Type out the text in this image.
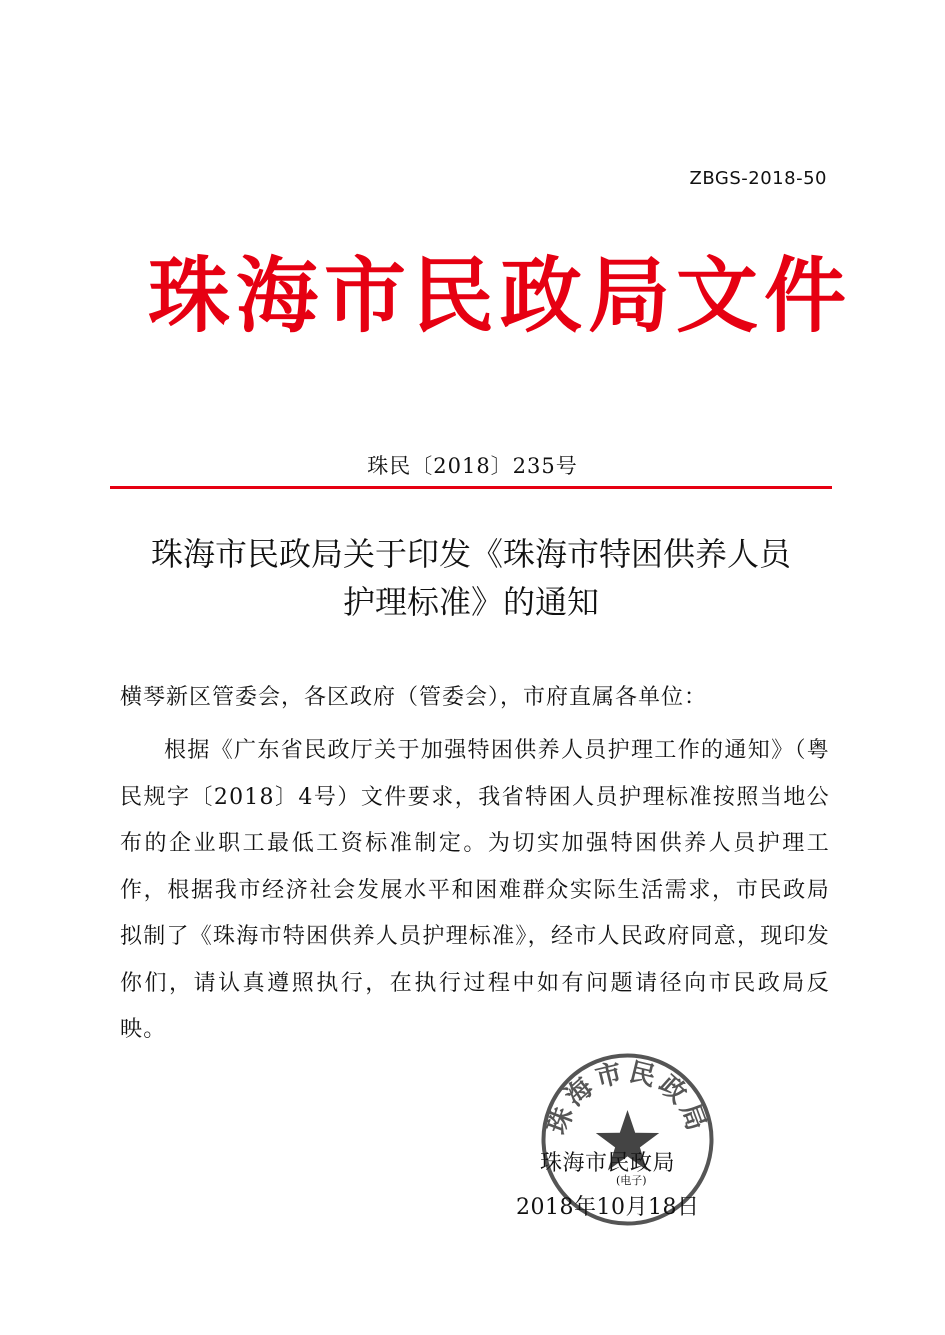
ZBGS-2018-50
珠海市民政局文件
珠民〔2018〕235号
珠海市民政局关于印发《珠海市特困供养人员
护理标准》的通知
横琴新区管委会，各区政府（管委会），市府直属各单位：

根据《广东省民政厅关于加强特困供养人员护理工作的通知》（粤民规字〔2018〕4号）文件要求，我省特困人员护理标准按照当地公布的企业职工最低工资标准制定。为切实加强特困供养人员护理工作，根据我市经济社会发展水平和困难群众实际生活需求，市民政局拟制了《珠海市特困供养人员护理标准》，经市人民政府同意，现印发你们，请认真遵照执行，在执行过程中如有问题请径向市民政局反映。

珠海市民政局
珠海市民政局
(电子)
2018年10月18日
